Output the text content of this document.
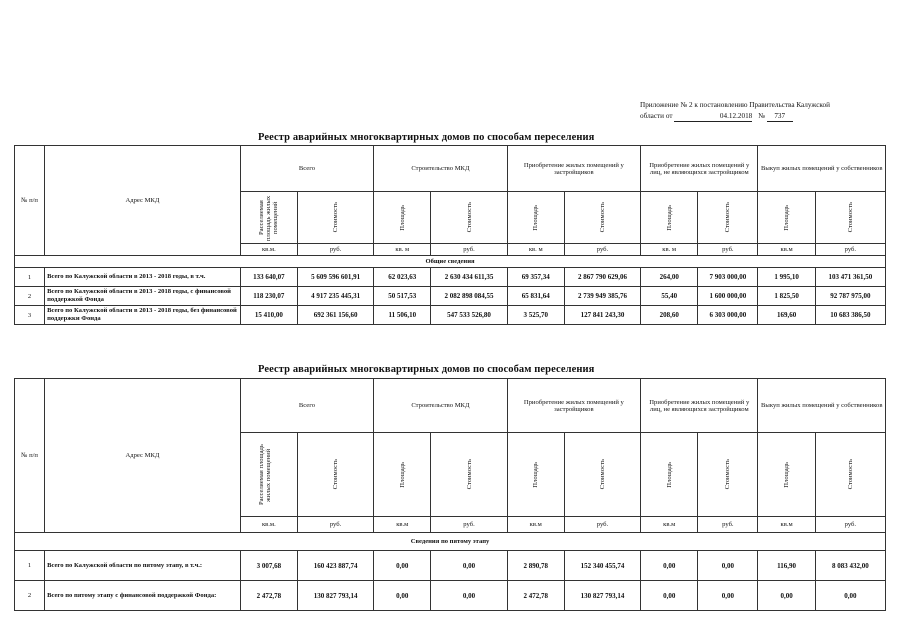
Приложение № 2 к постановлению Правительства Калужской
области от	04.12.2018 № 737
Реестр аварийных многоквартирных домов по способам переселения
№ п/п	Адрес МКД	Всего		Строительство МКД		Приобретение жилых помещений у застройщиков		Приобретение жилых помещений у лиц, не являющихся застройщиком		Выкуп жилых помещений у собственников	

		Расселяемая площадь жилых помещений	Стоимость	Площадь	Стоимость	Площадь	Стоимость	Площадь	Стоимость	Площадь	Стоимость

		кв.м.	руб.	кв. м	руб.	кв. м	руб.	кв. м	руб.	кв.м	руб.
Общие сведения											
1	Всего по Калужской области в 2013 - 2018 годы, в т.ч.	133 640,07	5 609 596 601,91	62 023,63	2 630 434 611,35	69 357,34	2 867 790 629,06	264,00	7 903 000,00	1 995,10	103 471 361,50
2	Всего по Калужской области в 2013 - 2018 годы, с финансовой поддержкой Фонда	118 230,07	4 917 235 445,31	50 517,53	2 082 898 084,55	65 831,64	2 739 949 385,76	55,40	1 600 000,00	1 825,50	92 787 975,00
3	Всего по Калужской области в 2013 - 2018 годы, без финансовой поддержки Фонда	15 410,00	692 361 156,60	11 506,10	547 533 526,80	3 525,70	127 841 243,30	208,60	6 303 000,00	169,60	10 683 386,50
Реестр аварийных многоквартирных домов по способам переселения
№ п/п	Адрес МКД	Всего		Строительство МКД		Приобретение жилых помещений у застройщиков		Приобретение жилых помещений у лиц, не являющихся застройщиком		Выкуп жилых помещений у собственников	

		Расселяемая площадь жилых помещений	Стоимость	Площадь	Стоимость	Площадь	Стоимость	Площадь	Стоимость	Площадь	Стоимость

		кв.м.	руб.	кв.м	руб.	кв.м	руб.	кв.м	руб.	кв.м	руб.
Сведения по пятому этапу											
1	Всего по Калужской области по пятому этапу, в т.ч.:	3 007,68	160 423 887,74	0,00	0,00	2 890,78	152 340 455,74	0,00	0,00	116,90	8 083 432,00
2	Всего по пятому этапу с финансовой поддержкой Фонда:	2 472,78	130 827 793,14	0,00	0,00	2 472,78	130 827 793,14	0,00	0,00	0,00	0,00
